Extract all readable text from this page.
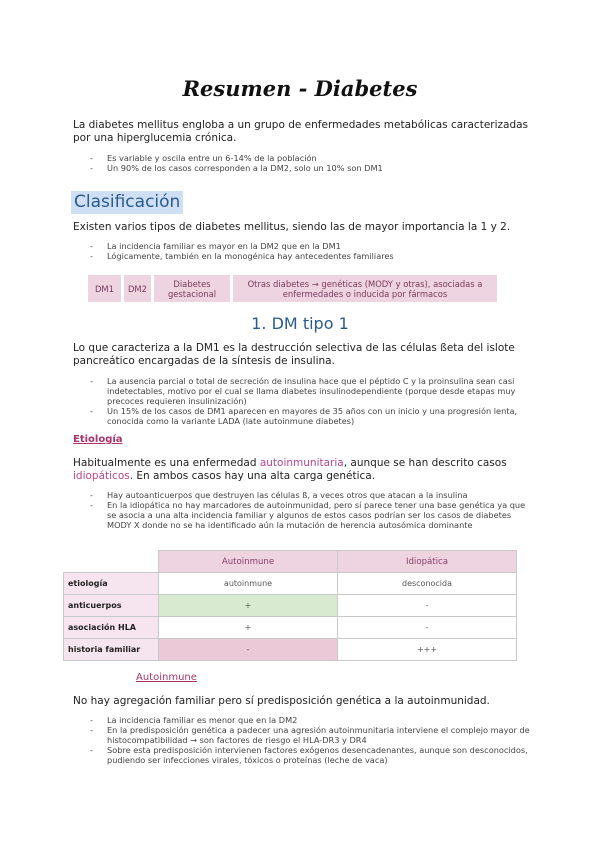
Resumen - Diabetes
La diabetes mellitus engloba a un grupo de enfermedades metabólicas caracterizadas por una hiperglucemia crónica.
- Es variable y oscila entre un 6-14% de la población
- Un 90% de los casos corresponden a la DM2, solo un 10% son DM1
Clasificación
Existen varios tipos de diabetes mellitus, siendo las de mayor importancia la 1 y 2.
- La incidencia familiar es mayor en la DM2 que en la DM1
- Lógicamente, también en la monogénica hay antecedentes familiares
DM1	DM2	Diabetes gestacional
Otras diabetes → genéticas (MODY y otras), asociadas a enfermedades o inducida por fármacos
1. DM tipo 1
Lo que caracteriza a la DM1 es la destrucción selectiva de las células ßeta del islote pancreático encargadas de la síntesis de insulina.
- La ausencia parcial o total de secreción de insulina hace que el péptido C y la proinsulina sean casi indetectables, motivo por el cual se llama diabetes insulinodependiente (porque desde etapas muy precoces requieren insulinización)
- Un 15% de los casos de DM1 aparecen en mayores de 35 años con un inicio y una progresión lenta, conocida como la variante LADA (late autoinmune diabetes)
Etiología
Habitualmente es una enfermedad autoinmunitaria, aunque se han descrito casos idiopáticos. En ambos casos hay una alta carga genética.
- Hay autoanticuerpos que destruyen las células ß, a veces otros que atacan a la insulina
- En la idiopática no hay marcadores de autoinmunidad, pero sí parece tener una base genética ya que se asocia a una alta incidencia familiar y algunos de estos casos podrían ser los casos de diabetes MODY X donde no se ha identificado aún la mutación de herencia autosómica dominante
	Autoinmune	Idiopática
etiología	autoinmune	desconocida
anticuerpos	+	-
asociación HLA	+	-
historia familiar	-	+++
Autoinmune
No hay agregación familiar pero sí predisposición genética a la autoinmunidad.
- La incidencia familiar es menor que en la DM2
- En la predisposición genética a padecer una agresión autoinmunitaria interviene el complejo mayor de histocompatibilidad → son factores de riesgo el HLA-DR3 y DR4
- Sobre esta predisposición intervienen factores exógenos desencadenantes, aunque son desconocidos, pudiendo ser infecciones virales, tóxicos o proteínas (leche de vaca)
